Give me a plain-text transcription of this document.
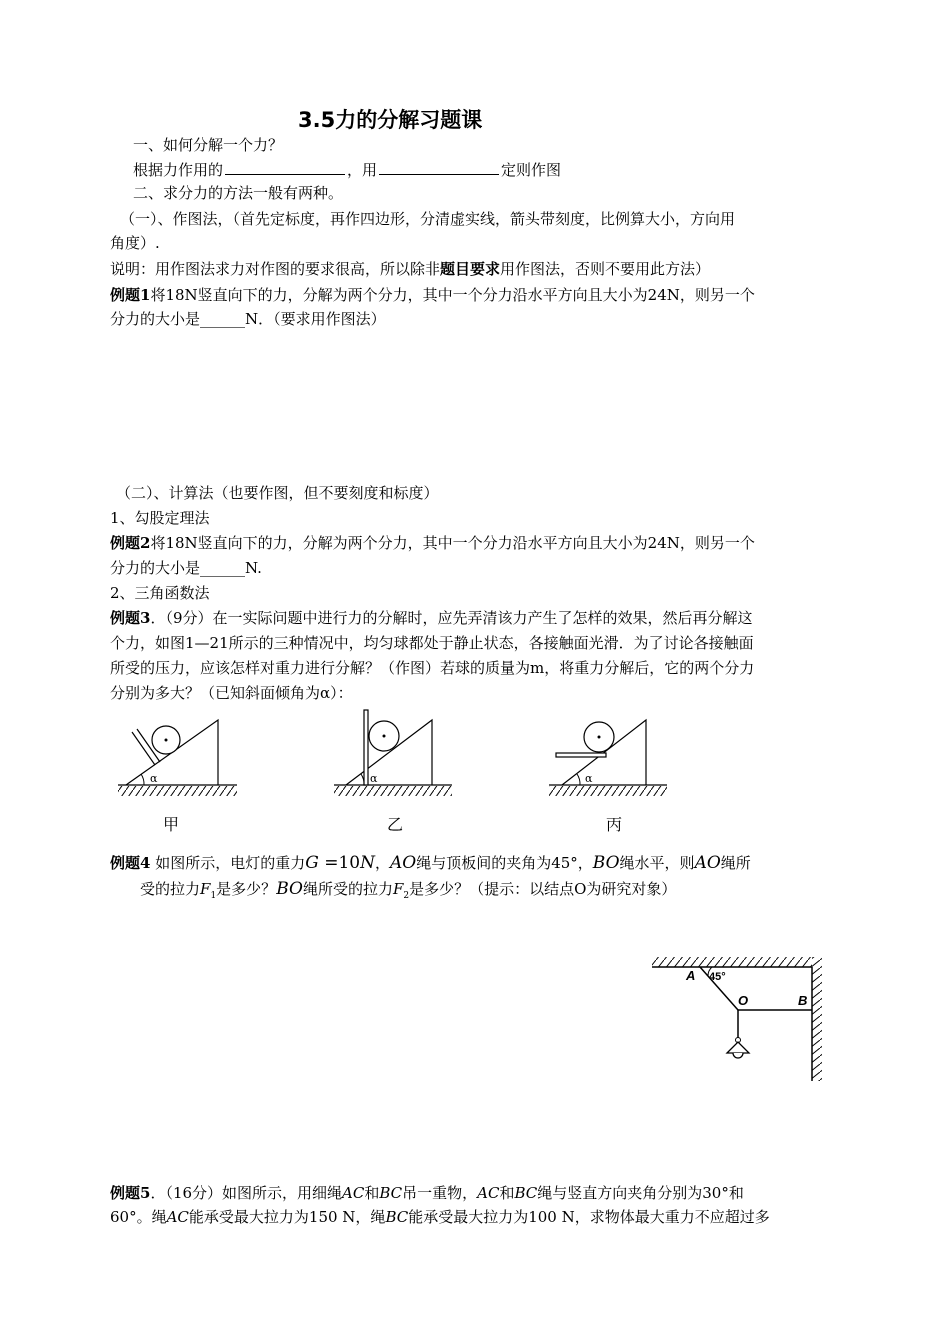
3.5力的分解习题课
一、如何分解一个力？
根据力作用的	，用	定则作图
二、求分力的方法一般有两种。
（一）、作图法，（首先定标度，再作四边形，分清虚实线，箭头带刻度，比例算大小，方向用
角度）.
说明：用作图法求力对作图的要求很高，所以除非题目要求用作图法，否则不要用此方法）
例题1将18N竖直向下的力，分解为两个分力，其中一个分力沿水平方向且大小为24N，则另一个
分力的大小是______N．（要求用作图法）
（二）、计算法（也要作图，但不要刻度和标度）
1、勾股定理法
例题2将18N竖直向下的力，分解为两个分力，其中一个分力沿水平方向且大小为24N，则另一个
分力的大小是______N.
2、三角函数法
例题3．（9分）在一实际问题中进行力的分解时，应先弄清该力产生了怎样的效果，然后再分解这
个力，如图1—21所示的三种情况中，均匀球都处于静止状态，各接触面光滑．为了讨论各接触面
所受的压力，应该怎样对重力进行分解？（作图）若球的质量为m，将重力分解后，它的两个分力
分别为多大？（已知斜面倾角为α）：
α	α	α
甲	乙	丙
例题4 如图所示，电灯的重力G =10N，AO绳与顶板间的夹角为45°，BO绳水平，则AO绳所
受的拉力$F_1$是多少？BO绳所受的拉力$F_2$是多少？（提示：以结点O为研究对象）
A 45°
O	B
例题5．（16分）如图所示，用细绳AC和BC吊一重物，AC和BC绳与竖直方向夹角分别为30°和
60°。绳AC能承受最大拉力为150 N，绳BC能承受最大拉力为100 N，求物体最大重力不应超过多
